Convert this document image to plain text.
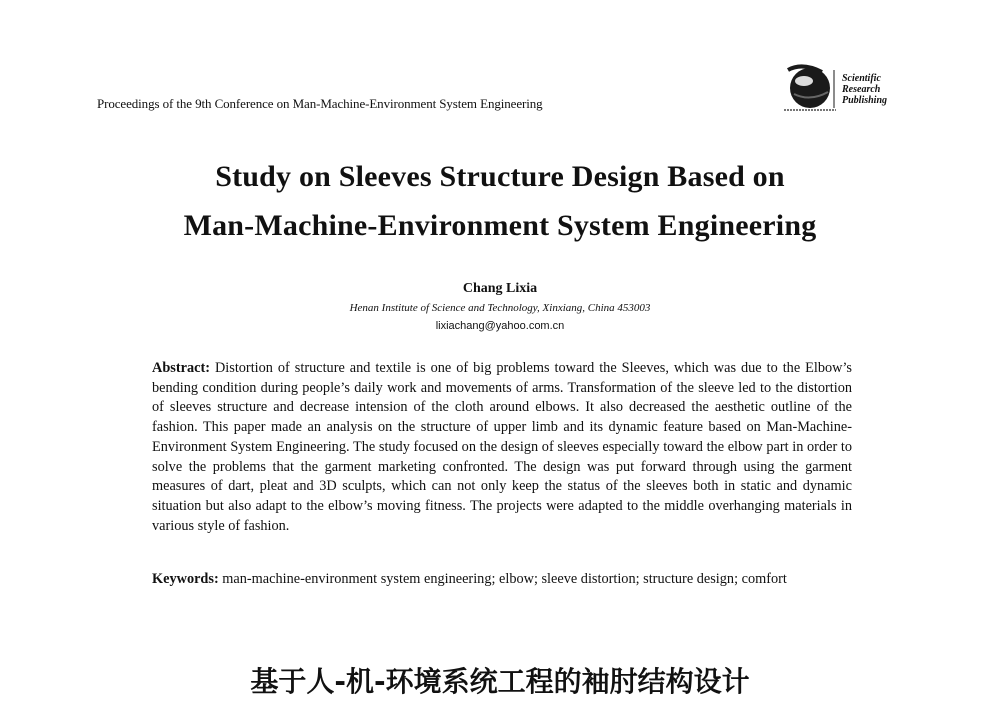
Proceedings of the 9th Conference on Man-Machine-Environment System Engineering
Scientific
Research
Publishing
Study on Sleeves Structure Design Based on
Man-Machine-Environment System Engineering
Chang Lixia
Henan Institute of Science and Technology, Xinxiang, China 453003
lixiachang@yahoo.com.cn
Abstract: Distortion of structure and textile is one of big problems toward the Sleeves, which was due to the Elbow’s bending condition during people’s daily work and movements of arms. Transformation of the sleeve led to the distortion of sleeves structure and decrease intension of the cloth around elbows. It also decreased the aesthetic outline of the fashion. This paper made an analysis on the structure of upper limb and its dynamic feature based on Man-Machine-Environment System Engineering. The study focused on the design of sleeves especially toward the elbow part in order to solve the problems that the garment marketing confronted. The design was put forward through using the garment measures of dart, pleat and 3D sculpts, which can not only keep the status of the sleeves both in static and dynamic situation but also adapt to the elbow’s moving fitness. The projects were adapted to the middle overhanging materials in various style of fashion.
Keywords: man-machine-environment system engineering; elbow; sleeve distortion; structure design; comfort
基于人-机-环境系统工程的袖肘结构设计
